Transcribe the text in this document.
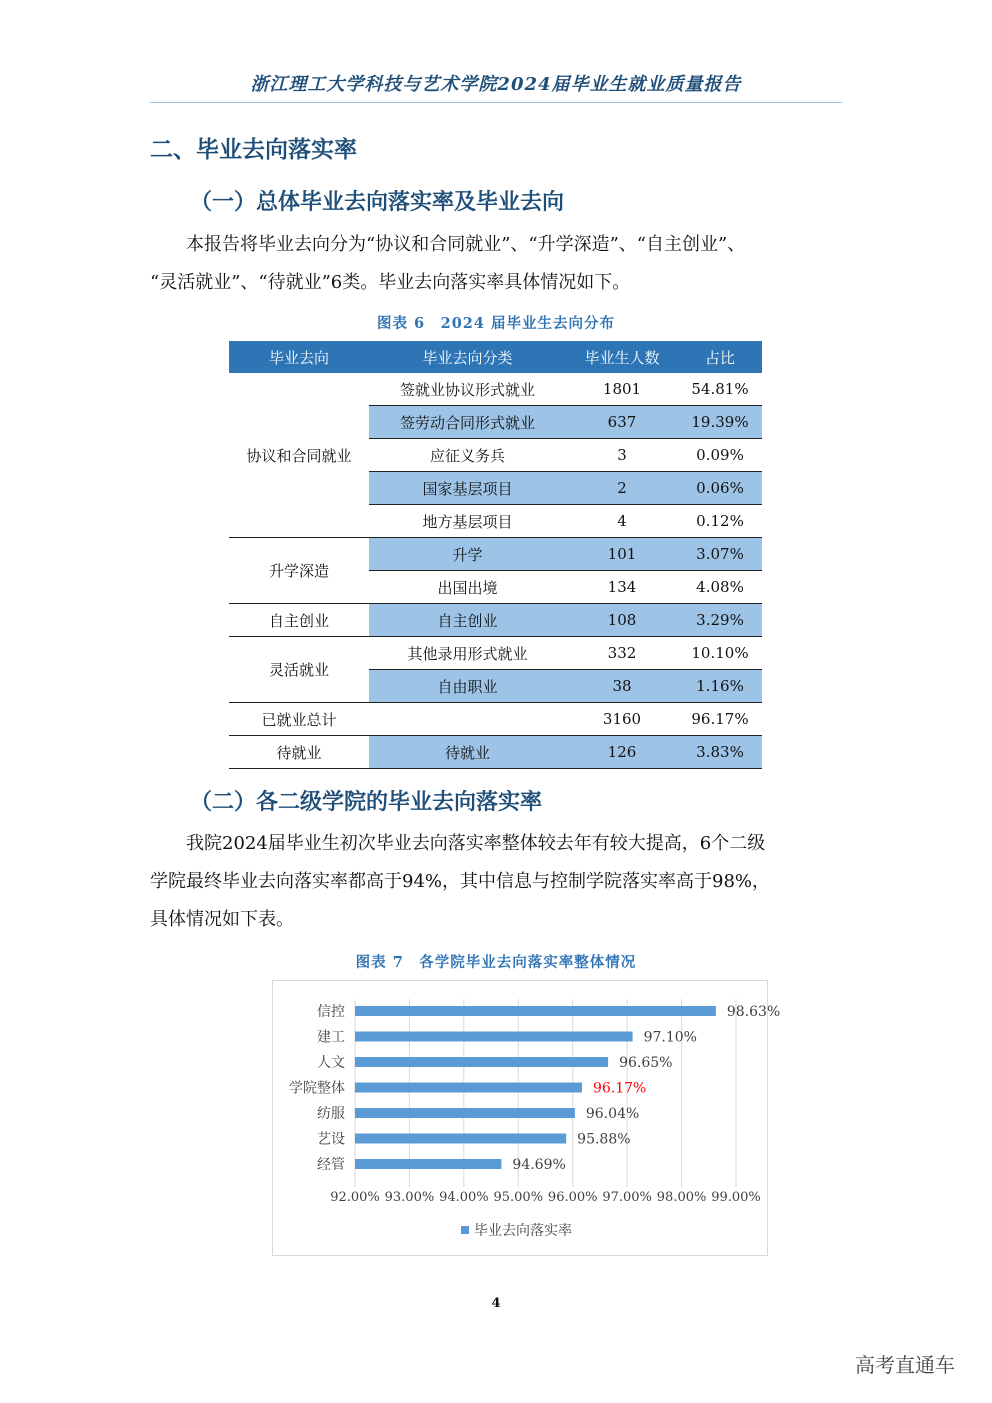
浙江理工大学科技与艺术学院2024届毕业生就业质量报告
二、毕业去向落实率
（一）总体毕业去向落实率及毕业去向

本报告将毕业去向分为“协议和合同就业”、“升学深造”、“自主创业”、

“灵活就业”、“待就业”6类。毕业去向落实率具体情况如下。

图表 6　2024 届毕业生去向分布
毕业去向	毕业去向分类	毕业生人数	占比
协议和合同就业	签就业协议形式就业	1801	54.81%
	签劳动合同形式就业	637	19.39%
	应征义务兵	3	0.09%
	国家基层项目	2	0.06%
	地方基层项目	4	0.12%
升学深造	升学	101	3.07%
	出国出境	134	4.08%
自主创业	自主创业	108	3.29%
灵活就业	其他录用形式就业	332	10.10%
	自由职业	38	1.16%
已就业总计		3160	96.17%
待就业	待就业	126	3.83%
（二）各二级学院的毕业去向落实率

我院2024届毕业生初次毕业去向落实率整体较去年有较大提高，6个二级

学院最终毕业去向落实率都高于94%，其中信息与控制学院落实率高于98%，

具体情况如下表。

图表 7　各学院毕业去向落实率整体情况
信控	98.63%
建工	97.10%
人文	96.65%
学院整体	96.17%
纺服	96.04%
艺设	95.88%
经管	94.69%
92.00% 93.00% 94.00% 95.00% 96.00% 97.00% 98.00% 99.00%
毕业去向落实率
4
高考直通车
